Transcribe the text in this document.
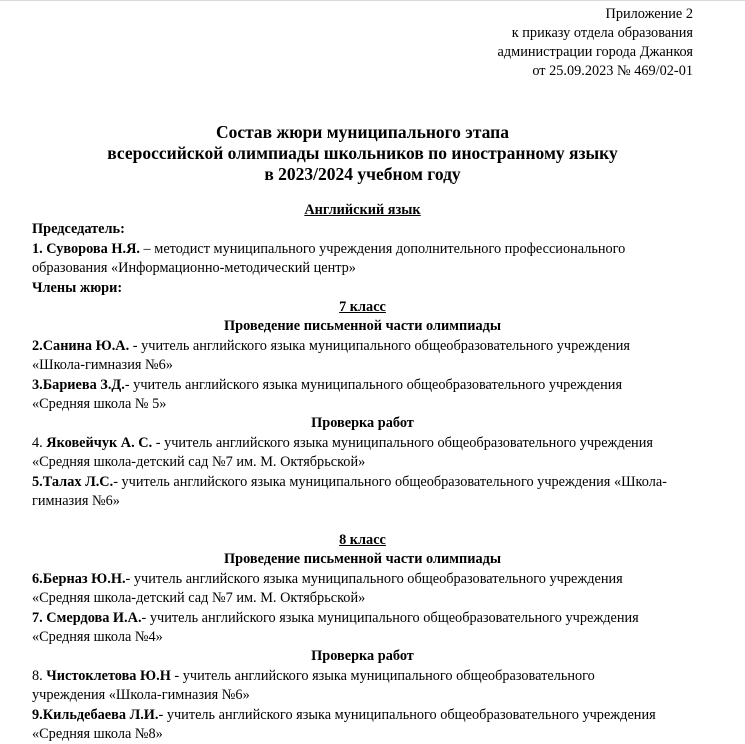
Приложение 2
к приказу отдела образования
администрации города Джанкоя
от 25.09.2023 № 469/02-01
Состав жюри муниципального этапа
всероссийской олимпиады школьников по иностранному языку
в 2023/2024 учебном году
Английский язык
Председатель:
1. Суворова Н.Я. – методист муниципального учреждения дополнительного профессионального
образования «Информационно-методический центр»
Члены жюри:
7 класс
Проведение письменной части олимпиады
2.Санина Ю.А. - учитель английского языка муниципального общеобразовательного учреждения
«Школа-гимназия №6»
3.Бариева З.Д.- учитель английского языка муниципального общеобразовательного учреждения
«Средняя школа № 5»
Проверка работ
4. Яковейчук А. С. - учитель английского языка муниципального общеобразовательного учреждения
«Средняя школа-детский сад №7 им. М. Октябрьской»
5.Талах Л.С.- учитель английского языка муниципального общеобразовательного учреждения «Школа-
гимназия №6»
8 класс
Проведение письменной части олимпиады
6.Берназ Ю.Н.- учитель английского языка муниципального общеобразовательного учреждения
«Средняя школа-детский сад №7 им. М. Октябрьской»
7. Смердова И.А.- учитель английского языка муниципального общеобразовательного учреждения
«Средняя школа №4»
Проверка работ
8. Чистоклетова Ю.Н - учитель английского языка муниципального общеобразовательного
учреждения «Школа-гимназия №6»
9.Кильдебаева Л.И.- учитель английского языка муниципального общеобразовательного учреждения
«Средняя школа №8»
